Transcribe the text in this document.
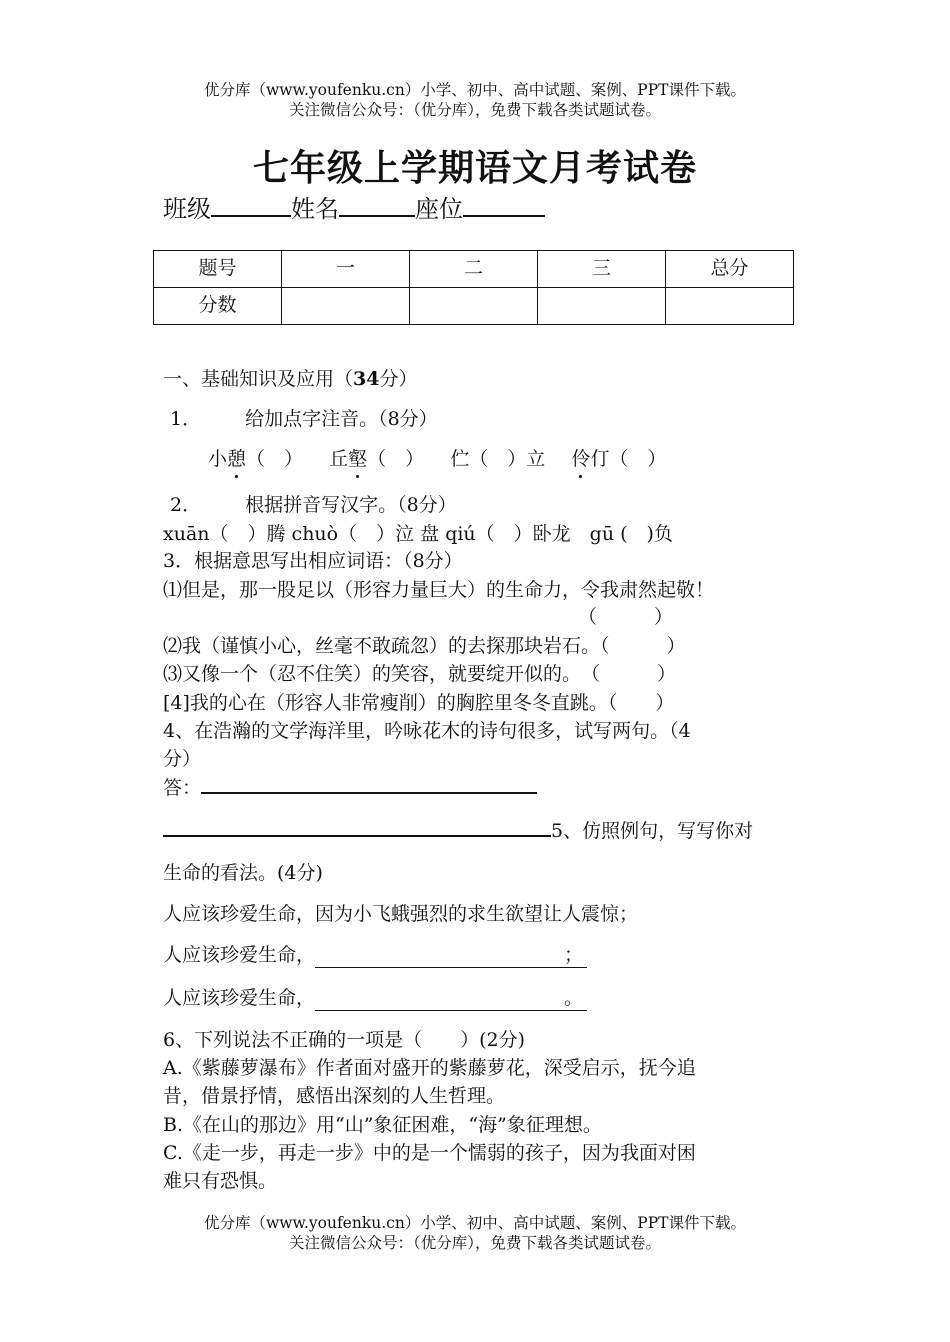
优分库（www.youfenku.cn）小学、初中、高中试题、案例、PPT课件下载。
关注微信公众号：（优分库），免费下载各类试题试卷。
七年级上学期语文月考试卷
班级	姓名	座位
题号	一	二	三	总分

分数				

一、基础知识及应用（34分）
1． 给加点字注音。（8分）
小憩（　） 丘壑（　） 伫（　）立 伶仃（　）
2． 根据拼音写汉字。（8分）
xuān（　）腾 chuò（　）泣 盘 qiú（　）卧龙　gū (　)负
3．根据意思写出相应词语：（8分）
⑴但是，那一股足以（形容力量巨大）的生命力，令我肃然起敬！
（　　　）
⑵我（谨慎小心，丝毫不敢疏忽）的去探那块岩石。（　　　）
⑶又像一个（忍不住笑）的笑容，就要绽开似的。　（　　　）
[4]我的心在（形容人非常瘦削）的胸腔里冬冬直跳。（　　）
4、在浩瀚的文学海洋里，吟咏花木的诗句很多，试写两句。（4
分）
答：
5、仿照例句，写写你对
生命的看法。(4分)
人应该珍爱生命，因为小飞蛾强烈的求生欲望让人震惊；
人应该珍爱生命，	；
人应该珍爱生命，	。
6、下列说法不正确的一项是（　　）(2分)
A.《紫藤萝瀑布》作者面对盛开的紫藤萝花，深受启示，抚今追
昔，借景抒情，感悟出深刻的人生哲理。
B.《在山的那边》用“山”象征困难，“海”象征理想。
C.《走一步，再走一步》中的是一个懦弱的孩子，因为我面对困
难只有恐惧。
优分库（www.youfenku.cn）小学、初中、高中试题、案例、PPT课件下载。
关注微信公众号：（优分库），免费下载各类试题试卷。
